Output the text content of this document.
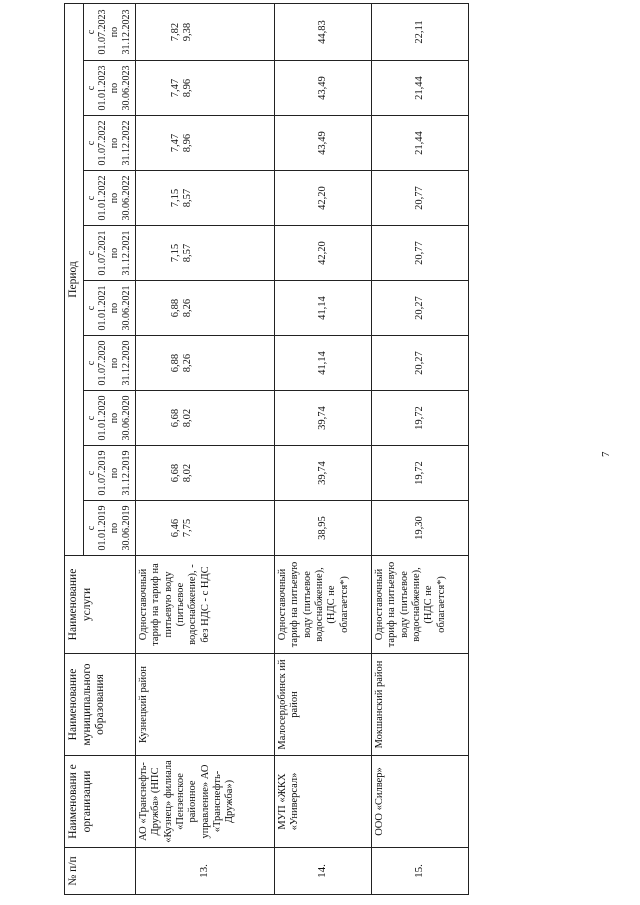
№ п/п	Наименовани е организации	Наименование муниципального образования	Наименование услуги	Период									
				с 01.01.2019 по 30.06.2019	с 01.07.2019 по 31.12.2019	с 01.01.2020 по 30.06.2020	с 01.07.2020 по 31.12.2020	с 01.01.2021 по 30.06.2021	с 01.07.2021 по 31.12.2021	с 01.01.2022 по 30.06.2022	с 01.07.2022 по 31.12.2022	с 01.01.2023 по 30.06.2023	с 01.07.2023 по 31.12.2023
13.	АО «Транснефть-Дружба» (НПС «Кузнец» филиала «Пензенское районное управление» АО «Транснефть-Дружба»)	Кузнецкий район	Одноставочный тариф на тариф на питьевую воду (питьевое водоснабжение), - без НДС - с НДС	6,46 7,75	6,68 8,02	6,68 8,02	6,88 8,26	6,88 8,26	7,15 8,57	7,15 8,57	7,47 8,96	7,47 8,96	7,82 9,38

14.	МУП «ЖКХ «Универсал»	Малосердобинск ий район	Одноставочный тариф на питьевую воду (питьевое водоснабжение), (НДС не облагается*)	38,95	39,74	39,74	41,14	41,14	42,20	42,20	43,49	43,49	44,83
15.	ООО «Силвер»	Мокшанский район	Одноставочный тариф на питьевую воду (питьевое водоснабжение), (НДС не облагается*)	19,30	19,72	19,72	20,27	20,27	20,77	20,77	21,44	21,44	22,11
7
